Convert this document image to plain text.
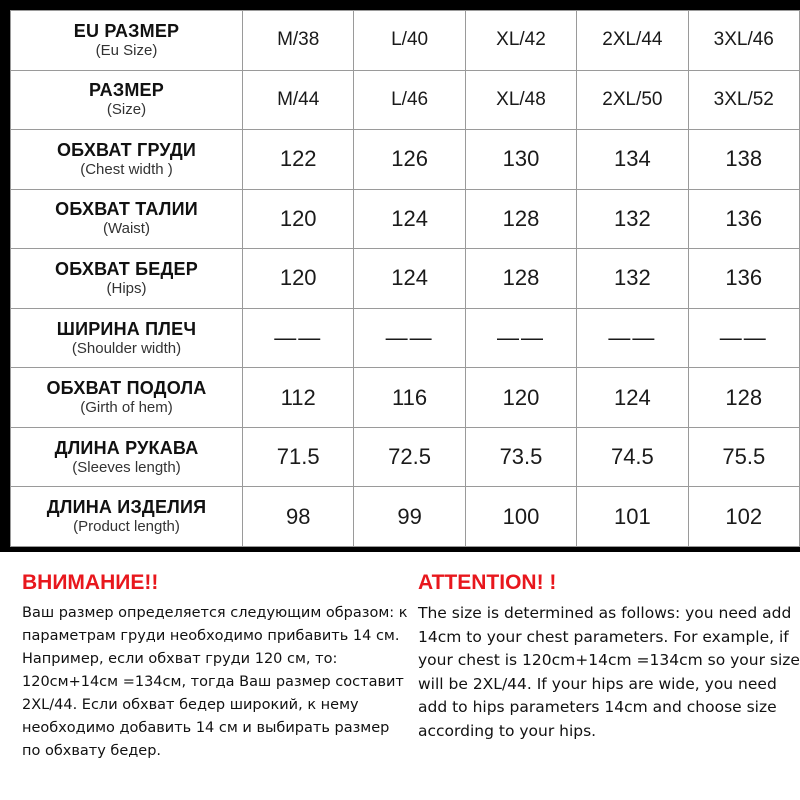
EU РАЗМЕР
(Eu Size)	M/38	L/40	XL/42	2XL/44	3XL/46

РАЗМЕР
(Size)	M/44	L/46	XL/48	2XL/50	3XL/52

ОБХВАТ ГРУДИ
(Chest width )	122	126	130	134	138

ОБХВАТ ТАЛИИ
(Waist)	120	124	128	132	136

ОБХВАТ БЕДЕР
(Hips)	120	124	128	132	136

ШИРИНА ПЛЕЧ
(Shoulder width)	——	——	——	——	——

ОБХВАТ ПОДОЛА
(Girth of hem)	112	116	120	124	128

ДЛИНА РУКАВА
(Sleeves length)	71.5	72.5	73.5	74.5	75.5

ДЛИНА ИЗДЕЛИЯ
(Product length)	98	99	100	101	102
ВНИМАНИЕ!!

Ваш размер определяется следующим образом: к параметрам груди необходимо прибавить 14 см. Например, если обхват груди 120 см, то: 120см+14см =134см, тогда Ваш размер составит 2XL/44. Если обхват бедер широкий, к нему необходимо добавить 14 см и выбирать размер по обхвату бедер.

ATTENTION! !

The size is determined as follows: you need add 14cm to your chest parameters. For example, if your chest is 120cm+14cm =134cm so your size will be 2XL/44. If your hips are wide, you need add to hips parameters 14cm and choose size according to your hips.
